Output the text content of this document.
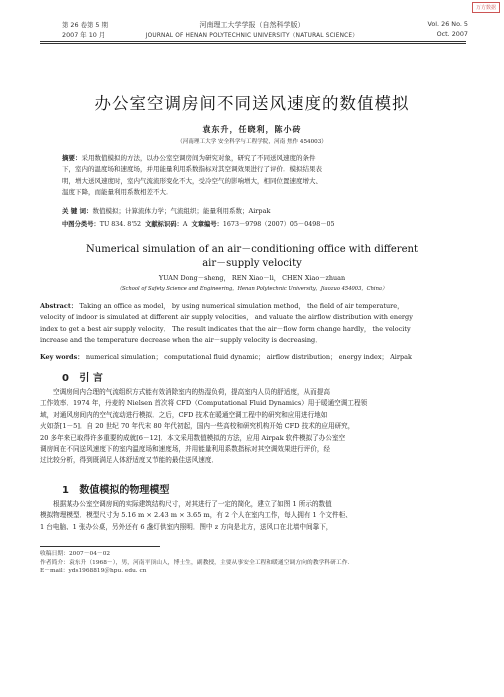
万方数据
第 26 卷第 5 期
2007 年 10 月
河南理工大学学报（自然科学版）
JOURNAL OF HENAN POLYTECHNIC UNIVERSITY（NATURAL SCIENCE）
Vol. 26 No. 5
Oct. 2007
办公室空调房间不同送风速度的数值模拟
袁东升，任晓利，陈小砖
（河南理工大学 安全科学与工程学院，河南 焦作 454003）
摘要：采用数值模拟的方法，以办公室空调房间为研究对象，研究了不同送风速度的条件
下，室内的温度场和速度场，并用能量利用系数指标对其空调效果进行了评价．模拟结果表
明，增大送风速度时，室内气流流形变化不大，受冷空气的影响增大，相同位置速度增大、
温度下降，而能量利用系数相差不大．
关 键 词：数值模拟；计算流体力学；气流组织；能量利用系数；Airpak
中图分类号：TU 834. 8'52 文献标识码：A 文章编号：1673－9798（2007）05－0498－05
Numerical simulation of an air－conditioning office with different
air－supply velocity
YUAN Dong－sheng， REN Xiao－li， CHEN Xiao－zhuan
（School of Safety Science and Engineering，Henan Polytechnic University，Jiaozuo 454003，China）
Abstract： Taking an office as model， by using numerical simulation method， the field of air temperature，
velocity of indoor is simulated at different air supply velocities， and valuate the airflow distribution with energy
index to get a best air supply velocity． The result indicates that the air－flow form change hardly， the velocity
increase and the temperature decrease when the air－supply velocity is decreasing．
Key words： numerical simulation； computational fluid dynamic； airflow distribution； energy index； Airpak
0 引 言
空调房间内合理的气流组织方式能有效消除室内的热湿负荷，提高室内人员的舒适度，从而提高
工作效率．1974 年，丹麦的 Nielsen 首次将 CFD（Computational Fluid Dynamics）用于暖通空调工程领
域，对通风房间内的空气流动进行模拟．之后，CFD 技术在暖通空调工程中的研究和应用进行地如
火如荼[1－5]．自 20 世纪 70 年代末 80 年代初起，国内一些高校和研究机构开始 CFD 技术的应用研究，
20 多年来已取得许多重要的成就[6－12]．本文采用数值模拟的方法，应用 Airpak 软件模拟了办公室空
调房间在不同送风速度下的室内温度场和速度场，并用能量利用系数指标对其空调效果进行评价，经
过比较分析，得到既满足人体舒适度又节能的最佳送风速度．
1 数值模拟的物理模型
根据某办公室空调房间的实际建筑结构尺寸，对其进行了一定的简化，建立了如图 1 所示的数值
模拟物理模型．模型尺寸为 5.16 m × 2.43 m × 3.65 m，有 2 个人在室内工作，每人拥有 1 个文件柜、
1 台电脑、1 张办公桌，另外还有 6 盏灯供室内照明．图中 z 方向是北方，送风口在北墙中间靠下，
收稿日期：2007－04－02
作者简介：袁东升（1968－），男，河南平顶山人，博士生，副教授，主要从事安全工程和暖通空调方向的教学科研工作．
E－mail：yds1968819＠hpu. edu. cn
